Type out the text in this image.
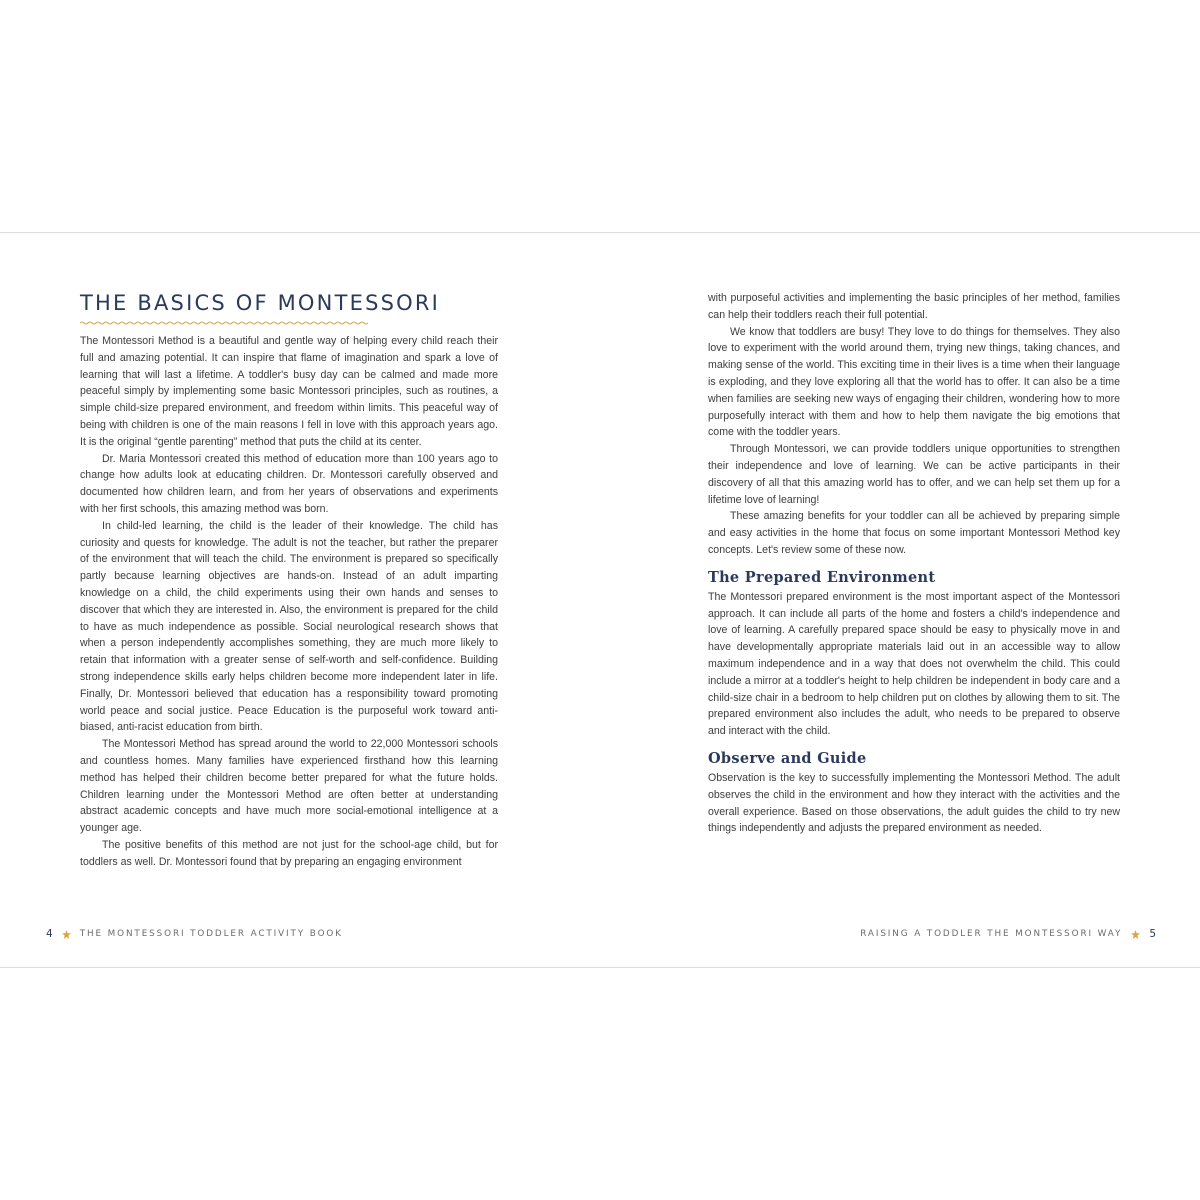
THE BASICS OF MONTESSORI

The Montessori Method is a beautiful and gentle way of helping every child reach their full and amazing potential. It can inspire that flame of imagination and spark a love of learning that will last a lifetime. A toddler's busy day can be calmed and made more peaceful simply by implementing some basic Montessori principles, such as routines, a simple child-size prepared environment, and freedom within limits. This peaceful way of being with children is one of the main reasons I fell in love with this approach years ago. It is the original “gentle parenting” method that puts the child at its center.

Dr. Maria Montessori created this method of education more than 100 years ago to change how adults look at educating children. Dr. Montessori carefully observed and documented how children learn, and from her years of observations and experiments with her first schools, this amazing method was born.

In child-led learning, the child is the leader of their knowledge. The child has curiosity and quests for knowledge. The adult is not the teacher, but rather the preparer of the environment that will teach the child. The environment is prepared so specifically partly because learning objectives are hands-on. Instead of an adult imparting knowledge on a child, the child experiments using their own hands and senses to discover that which they are interested in. Also, the environment is prepared for the child to have as much independence as possible. Social neurological research shows that when a person independently accomplishes something, they are much more likely to retain that information with a greater sense of self-worth and self-confidence. Building strong independence skills early helps children become more independent later in life. Finally, Dr. Montessori believed that education has a responsibility toward promoting world peace and social justice. Peace Education is the purposeful work toward anti-biased, anti-racist education from birth.

The Montessori Method has spread around the world to 22,000 Montessori schools and countless homes. Many families have experienced firsthand how this learning method has helped their children become better prepared for what the future holds. Children learning under the Montessori Method are often better at understanding abstract academic concepts and have much more social-emotional intelligence at a younger age.

The positive benefits of this method are not just for the school-age child, but for toddlers as well. Dr. Montessori found that by preparing an engaging environment

4	THE MONTESSORI TODDLER ACTIVITY BOOK

with purposeful activities and implementing the basic principles of her method, families can help their toddlers reach their full potential.

We know that toddlers are busy! They love to do things for themselves. They also love to experiment with the world around them, trying new things, taking chances, and making sense of the world. This exciting time in their lives is a time when their language is exploding, and they love exploring all that the world has to offer. It can also be a time when families are seeking new ways of engaging their children, wondering how to more purposefully interact with them and how to help them navigate the big emotions that come with the toddler years.

Through Montessori, we can provide toddlers unique opportunities to strengthen their independence and love of learning. We can be active participants in their discovery of all that this amazing world has to offer, and we can help set them up for a lifetime love of learning!

These amazing benefits for your toddler can all be achieved by preparing simple and easy activities in the home that focus on some important Montessori Method key concepts. Let's review some of these now.

The Prepared Environment

The Montessori prepared environment is the most important aspect of the Montessori approach. It can include all parts of the home and fosters a child's independence and love of learning. A carefully prepared space should be easy to physically move in and have developmentally appropriate materials laid out in an accessible way to allow maximum independence and in a way that does not overwhelm the child. This could include a mirror at a toddler's height to help children be independent in body care and a child-size chair in a bedroom to help children put on clothes by allowing them to sit. The prepared environment also includes the adult, who needs to be prepared to observe and interact with the child.

Observe and Guide

Observation is the key to successfully implementing the Montessori Method. The adult observes the child in the environment and how they interact with the activities and the overall experience. Based on those observations, the adult guides the child to try new things independently and adjusts the prepared environment as needed.

RAISING A TODDLER THE MONTESSORI WAY	5
